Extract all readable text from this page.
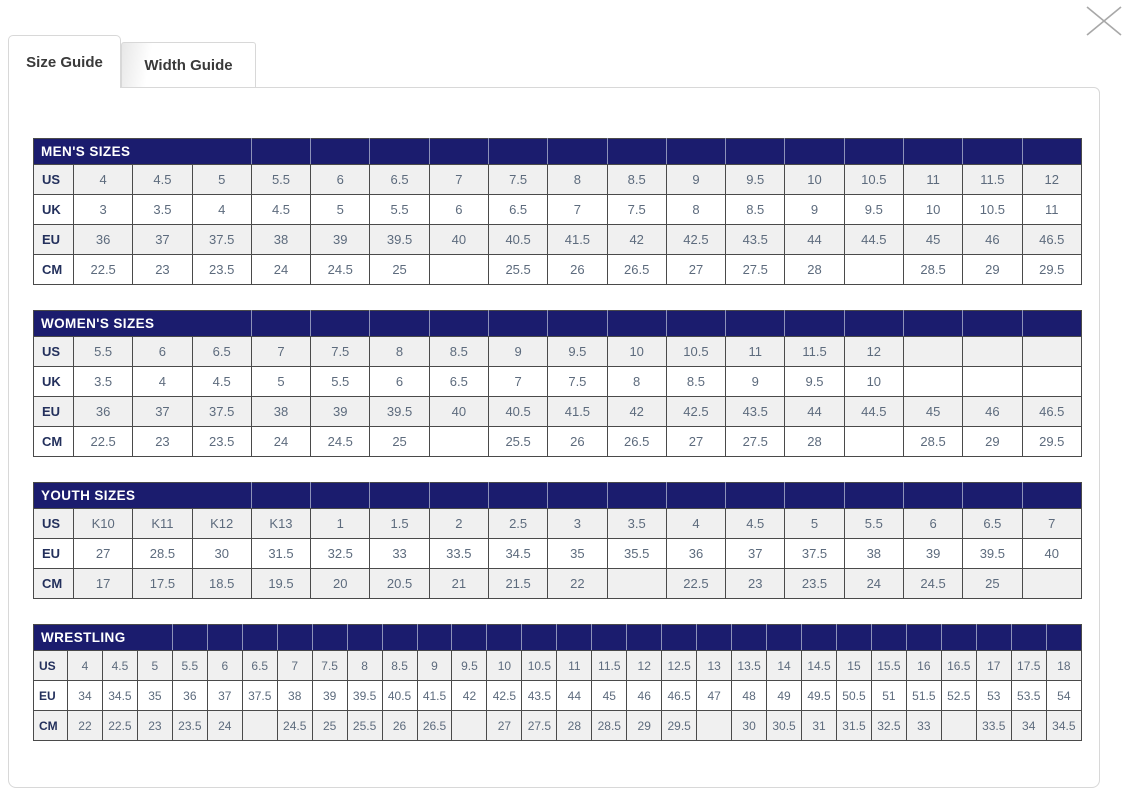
Size Guide	Width Guide
MEN'S SIZES																	
US	4	4.5	5	5.5	6	6.5	7	7.5	8	8.5	9	9.5	10	10.5	11	11.5	12
UK	3	3.5	4	4.5	5	5.5	6	6.5	7	7.5	8	8.5	9	9.5	10	10.5	11
EU	36	37	37.5	38	39	39.5	40	40.5	41.5	42	42.5	43.5	44	44.5	45	46	46.5
CM	22.5	23	23.5	24	24.5	25		25.5	26	26.5	27	27.5	28		28.5	29	29.5
WOMEN'S SIZES																	
US	5.5	6	6.5	7	7.5	8	8.5	9	9.5	10	10.5	11	11.5	12			
UK	3.5	4	4.5	5	5.5	6	6.5	7	7.5	8	8.5	9	9.5	10			
EU	36	37	37.5	38	39	39.5	40	40.5	41.5	42	42.5	43.5	44	44.5	45	46	46.5
CM	22.5	23	23.5	24	24.5	25		25.5	26	26.5	27	27.5	28		28.5	29	29.5
YOUTH SIZES																	
US	K10	K11	K12	K13	1	1.5	2	2.5	3	3.5	4	4.5	5	5.5	6	6.5	7
EU	27	28.5	30	31.5	32.5	33	33.5	34.5	35	35.5	36	37	37.5	38	39	39.5	40
CM	17	17.5	18.5	19.5	20	20.5	21	21.5	22		22.5	23	23.5	24	24.5	25	
WRESTLING																													
US	4	4.5	5	5.5	6	6.5	7	7.5	8	8.5	9	9.5	10	10.5	11	11.5	12	12.5	13	13.5	14	14.5	15	15.5	16	16.5	17	17.5	18
EU	34	34.5	35	36	37	37.5	38	39	39.5	40.5	41.5	42	42.5	43.5	44	45	46	46.5	47	48	49	49.5	50.5	51	51.5	52.5	53	53.5	54
CM	22	22.5	23	23.5	24		24.5	25	25.5	26	26.5		27	27.5	28	28.5	29	29.5		30	30.5	31	31.5	32.5	33		33.5	34	34.5
